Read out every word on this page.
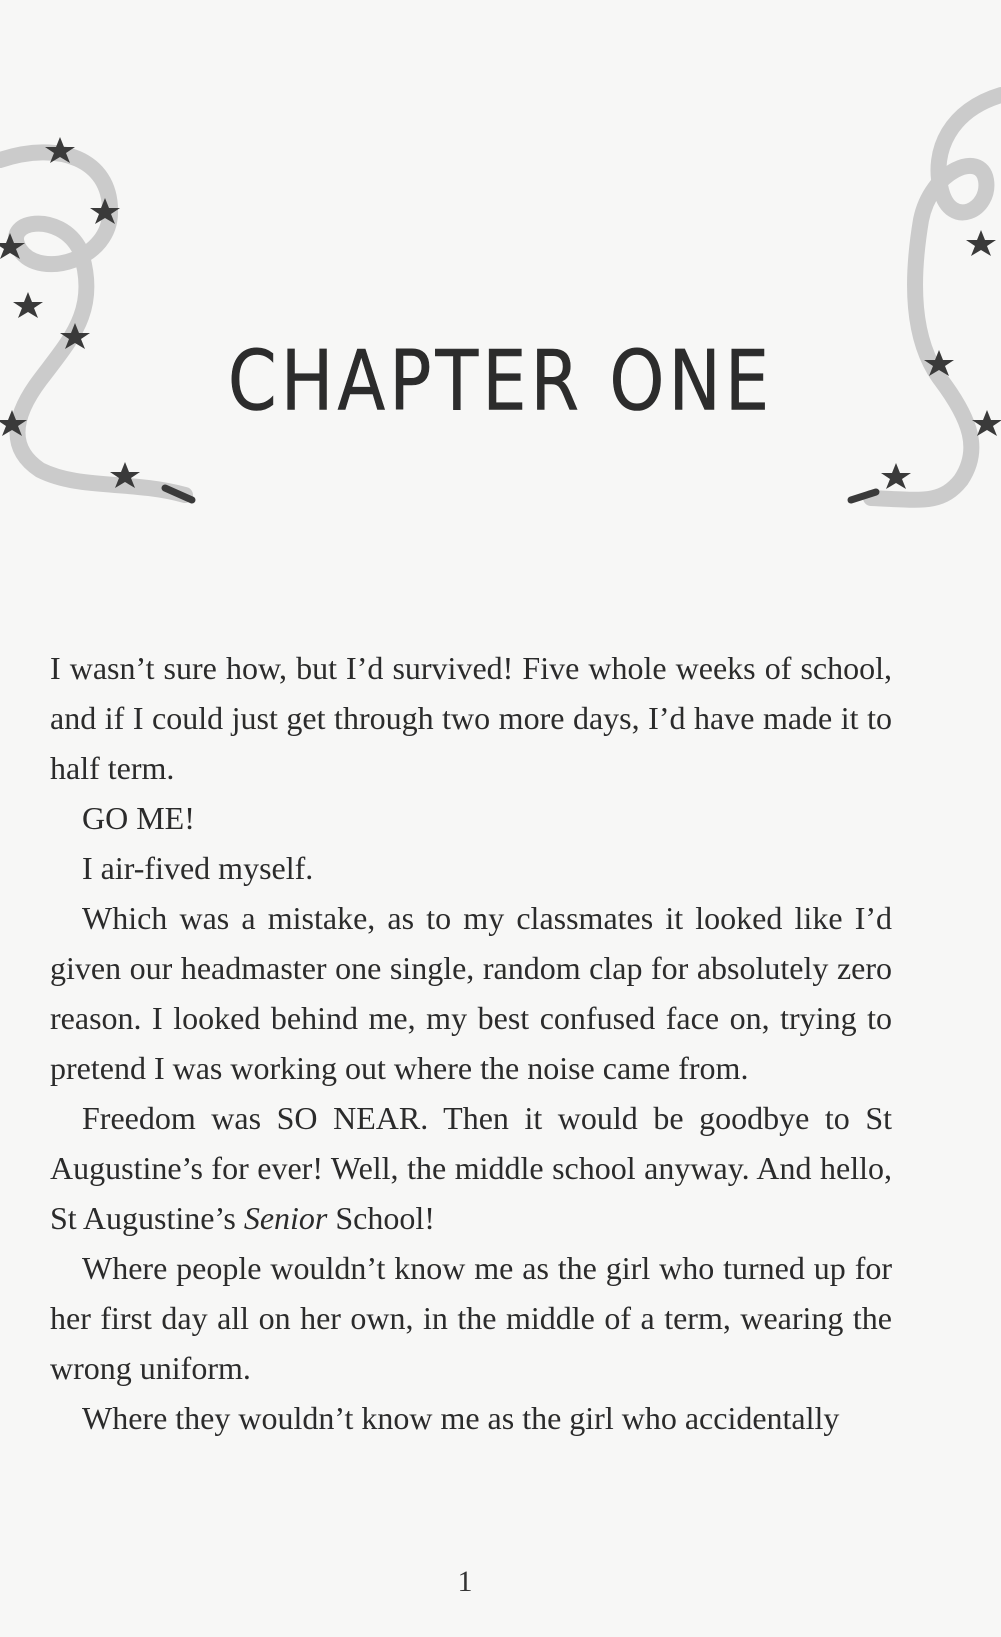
CHAPTER ONE

I wasn’t sure how, but I’d survived! Five whole weeks of school, and if I could just get through two more days, I’d have made it to half term.

GO ME!

I air-fived myself.

Which was a mistake, as to my classmates it looked like I’d given our headmaster one single, random clap for absolutely zero reason. I looked behind me, my best confused face on, trying to pretend I was working out where the noise came from.

Freedom was SO NEAR. Then it would be goodbye to St Augustine’s for ever! Well, the middle school anyway. And hello, St Augustine’s Senior School!

Where people wouldn’t know me as the girl who turned up for her first day all on her own, in the middle of a term, wearing the wrong uniform.

Where they wouldn’t know me as the girl who accidentally

1
